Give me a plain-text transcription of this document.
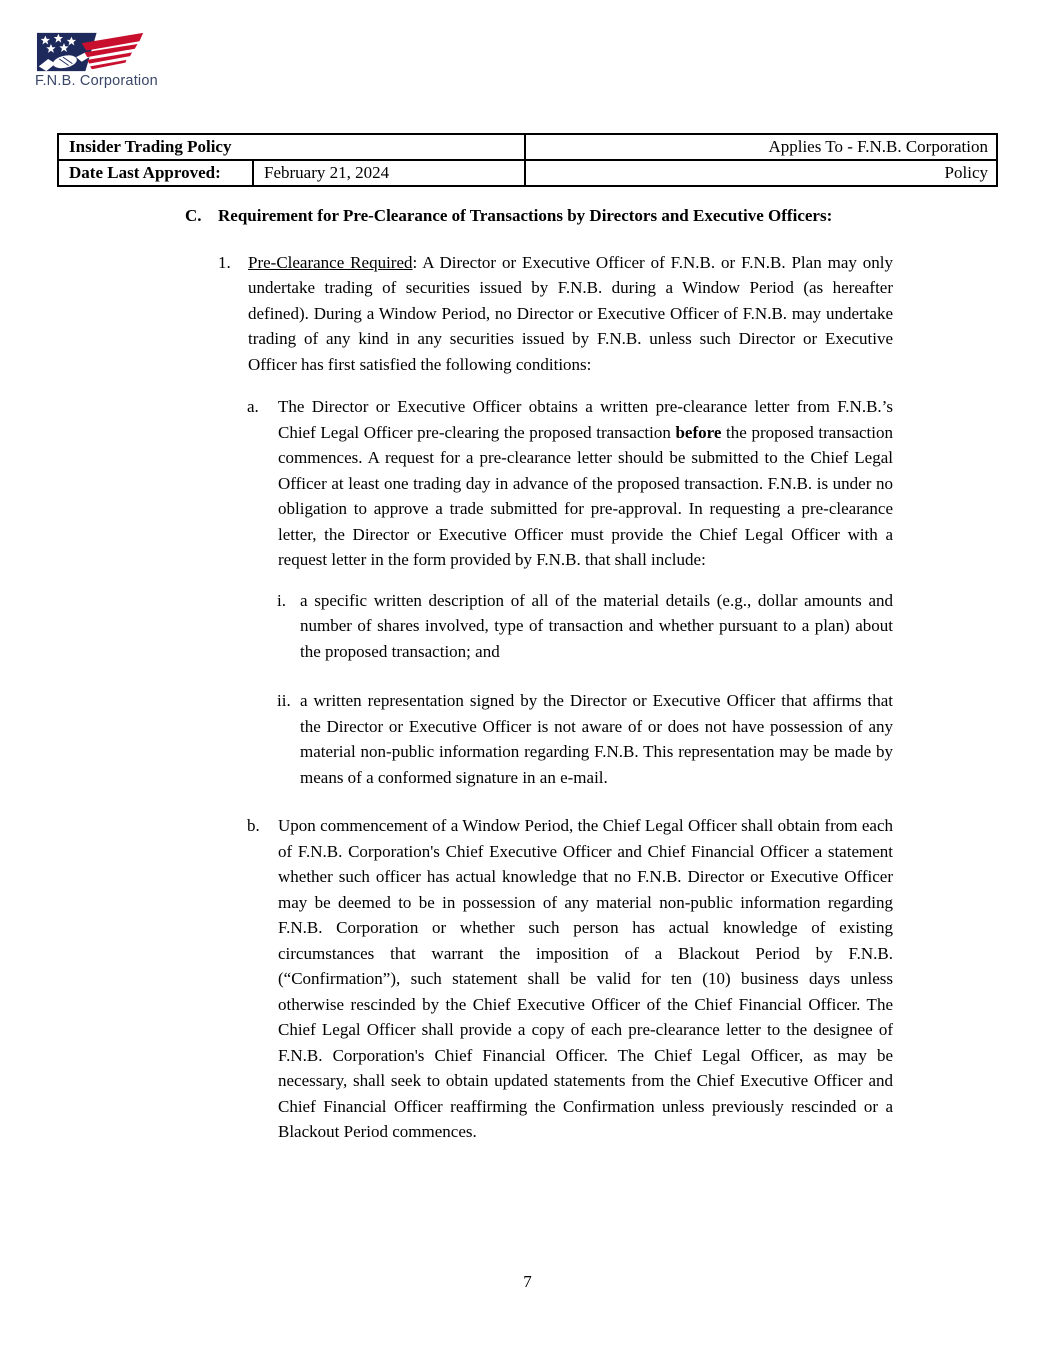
F.N.B. Corporation
Insider Trading Policy		Applies To - F.N.B. Corporation
Date Last Approved:	February 21, 2024	Policy
C. Requirement for Pre-Clearance of Transactions by Directors and Executive Officers:
1. Pre-Clearance Required: A Director or Executive Officer of F.N.B. or F.N.B. Plan may only undertake trading of securities issued by F.N.B. during a Window Period (as hereafter defined). During a Window Period, no Director or Executive Officer of F.N.B. may undertake trading of any kind in any securities issued by F.N.B. unless such Director or Executive Officer has first satisfied the following conditions:
a. The Director or Executive Officer obtains a written pre-clearance letter from F.N.B.’s Chief Legal Officer pre-clearing the proposed transaction before the proposed transaction commences. A request for a pre-clearance letter should be submitted to the Chief Legal Officer at least one trading day in advance of the proposed transaction. F.N.B. is under no obligation to approve a trade submitted for pre-approval. In requesting a pre-clearance letter, the Director or Executive Officer must provide the Chief Legal Officer with a request letter in the form provided by F.N.B. that shall include:
i. a specific written description of all of the material details (e.g., dollar amounts and number of shares involved, type of transaction and whether pursuant to a plan) about the proposed transaction; and
ii. a written representation signed by the Director or Executive Officer that affirms that the Director or Executive Officer is not aware of or does not have possession of any material non-public information regarding F.N.B. This representation may be made by means of a conformed signature in an e-mail.
b. Upon commencement of a Window Period, the Chief Legal Officer shall obtain from each of F.N.B. Corporation's Chief Executive Officer and Chief Financial Officer a statement whether such officer has actual knowledge that no F.N.B. Director or Executive Officer may be deemed to be in possession of any material non-public information regarding F.N.B. Corporation or whether such person has actual knowledge of existing circumstances that warrant the imposition of a Blackout Period by F.N.B. (“Confirmation”), such statement shall be valid for ten (10) business days unless otherwise rescinded by the Chief Executive Officer of the Chief Financial Officer. The Chief Legal Officer shall provide a copy of each pre-clearance letter to the designee of F.N.B. Corporation's Chief Financial Officer. The Chief Legal Officer, as may be necessary, shall seek to obtain updated statements from the Chief Executive Officer and Chief Financial Officer reaffirming the Confirmation unless previously rescinded or a Blackout Period commences.
7
